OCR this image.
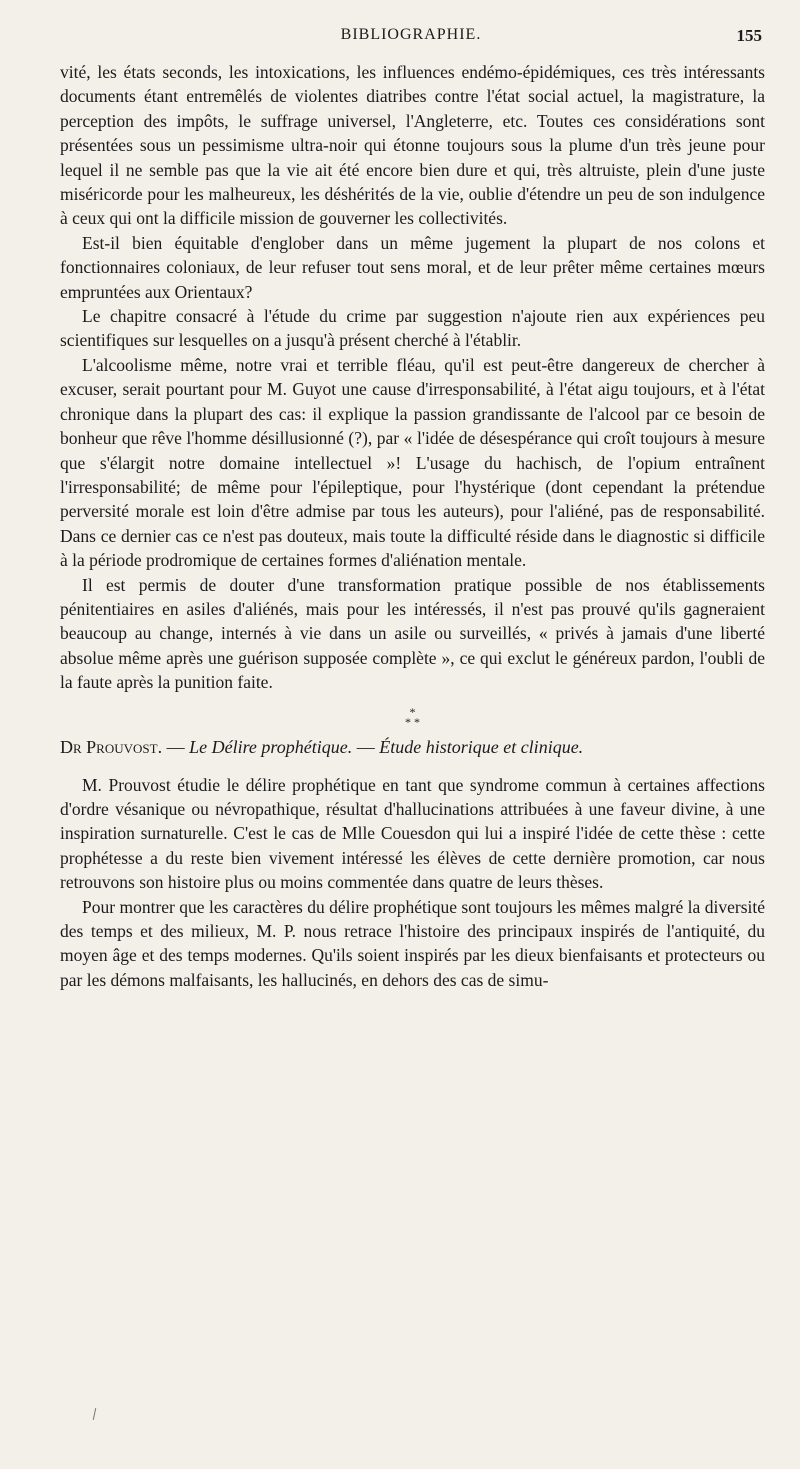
BIBLIOGRAPHIE.	155

vité, les états seconds, les intoxications, les influences endémo-épidémiques, ces très intéressants documents étant entremêlés de violentes diatribes contre l'état social actuel, la magistrature, la perception des impôts, le suffrage universel, l'Angleterre, etc. Toutes ces considérations sont présentées sous un pessimisme ultra-noir qui étonne toujours sous la plume d'un très jeune pour lequel il ne semble pas que la vie ait été encore bien dure et qui, très altruiste, plein d'une juste miséricorde pour les malheureux, les déshérités de la vie, oublie d'étendre un peu de son indulgence à ceux qui ont la difficile mission de gouverner les collectivités.

Est-il bien équitable d'englober dans un même jugement la plupart de nos colons et fonctionnaires coloniaux, de leur refuser tout sens moral, et de leur prêter même certaines mœurs empruntées aux Orientaux?

Le chapitre consacré à l'étude du crime par suggestion n'ajoute rien aux expériences peu scientifiques sur lesquelles on a jusqu'à présent cherché à l'établir.

L'alcoolisme même, notre vrai et terrible fléau, qu'il est peut-être dangereux de chercher à excuser, serait pourtant pour M. Guyot une cause d'irresponsabilité, à l'état aigu toujours, et à l'état chronique dans la plupart des cas: il explique la passion grandissante de l'alcool par ce besoin de bonheur que rêve l'homme désillusionné (?), par « l'idée de désespérance qui croît toujours à mesure que s'élargit notre domaine intellectuel »! L'usage du hachisch, de l'opium entraînent l'irresponsabilité; de même pour l'épileptique, pour l'hystérique (dont cependant la prétendue perversité morale est loin d'être admise par tous les auteurs), pour l'aliéné, pas de responsabilité. Dans ce dernier cas ce n'est pas douteux, mais toute la difficulté réside dans le diagnostic si difficile à la période prodromique de certaines formes d'aliénation mentale.

Il est permis de douter d'une transformation pratique possible de nos établissements pénitentiaires en asiles d'aliénés, mais pour les intéressés, il n'est pas prouvé qu'ils gagneraient beaucoup au change, internés à vie dans un asile ou surveillés, « privés à jamais d'une liberté absolue même après une guérison supposée complète », ce qui exclut le généreux pardon, l'oubli de la faute après la punition faite.

*
* *
Dr Prouvost. — Le Délire prophétique. — Étude historique et clinique.

M. Prouvost étudie le délire prophétique en tant que syndrome commun à certaines affections d'ordre vésanique ou névropathique, résultat d'hallucinations attribuées à une faveur divine, à une inspiration surnaturelle. C'est le cas de Mlle Couesdon qui lui a inspiré l'idée de cette thèse : cette prophétesse a du reste bien vivement intéressé les élèves de cette dernière promotion, car nous retrouvons son histoire plus ou moins commentée dans quatre de leurs thèses.

Pour montrer que les caractères du délire prophétique sont toujours les mêmes malgré la diversité des temps et des milieux, M. P. nous retrace l'histoire des principaux inspirés de l'antiquité, du moyen âge et des temps modernes. Qu'ils soient inspirés par les dieux bienfaisants et protecteurs ou par les démons malfaisants, les hallucinés, en dehors des cas de simu-
